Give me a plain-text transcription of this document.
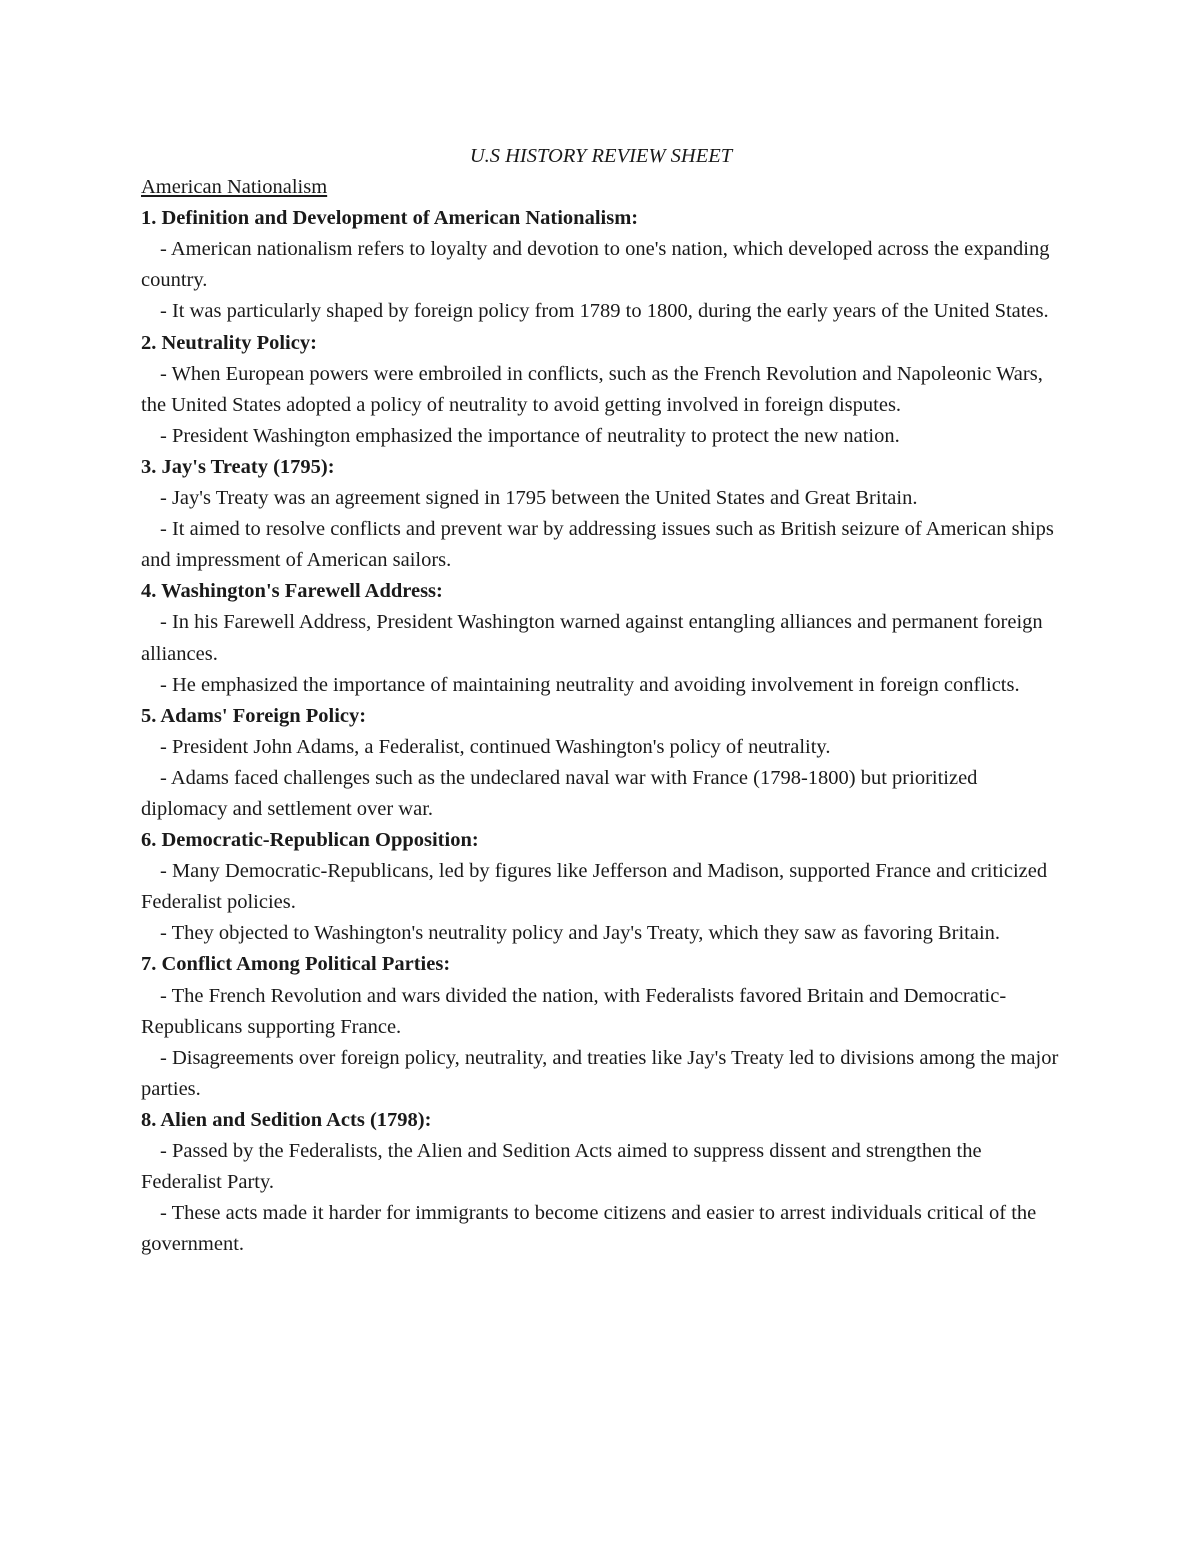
U.S HISTORY REVIEW SHEET

American Nationalism

1. Definition and Development of American Nationalism:

- American nationalism refers to loyalty and devotion to one's nation, which developed across the expanding country.

- It was particularly shaped by foreign policy from 1789 to 1800, during the early years of the United States.

2. Neutrality Policy:

- When European powers were embroiled in conflicts, such as the French Revolution and Napoleonic Wars, the United States adopted a policy of neutrality to avoid getting involved in foreign disputes.

- President Washington emphasized the importance of neutrality to protect the new nation.

3. Jay's Treaty (1795):

- Jay's Treaty was an agreement signed in 1795 between the United States and Great Britain.

- It aimed to resolve conflicts and prevent war by addressing issues such as British seizure of American ships and impressment of American sailors.

4. Washington's Farewell Address:

- In his Farewell Address, President Washington warned against entangling alliances and permanent foreign alliances.

- He emphasized the importance of maintaining neutrality and avoiding involvement in foreign conflicts.

5. Adams' Foreign Policy:

- President John Adams, a Federalist, continued Washington's policy of neutrality.

- Adams faced challenges such as the undeclared naval war with France (1798-1800) but prioritized diplomacy and settlement over war.

6. Democratic-Republican Opposition:

- Many Democratic-Republicans, led by figures like Jefferson and Madison, supported France and criticized Federalist policies.

- They objected to Washington's neutrality policy and Jay's Treaty, which they saw as favoring Britain.

7. Conflict Among Political Parties:

- The French Revolution and wars divided the nation, with Federalists favored Britain and Democratic-Republicans supporting France.

- Disagreements over foreign policy, neutrality, and treaties like Jay's Treaty led to divisions among the major parties.

8. Alien and Sedition Acts (1798):

- Passed by the Federalists, the Alien and Sedition Acts aimed to suppress dissent and strengthen the Federalist Party.

- These acts made it harder for immigrants to become citizens and easier to arrest individuals critical of the government.
